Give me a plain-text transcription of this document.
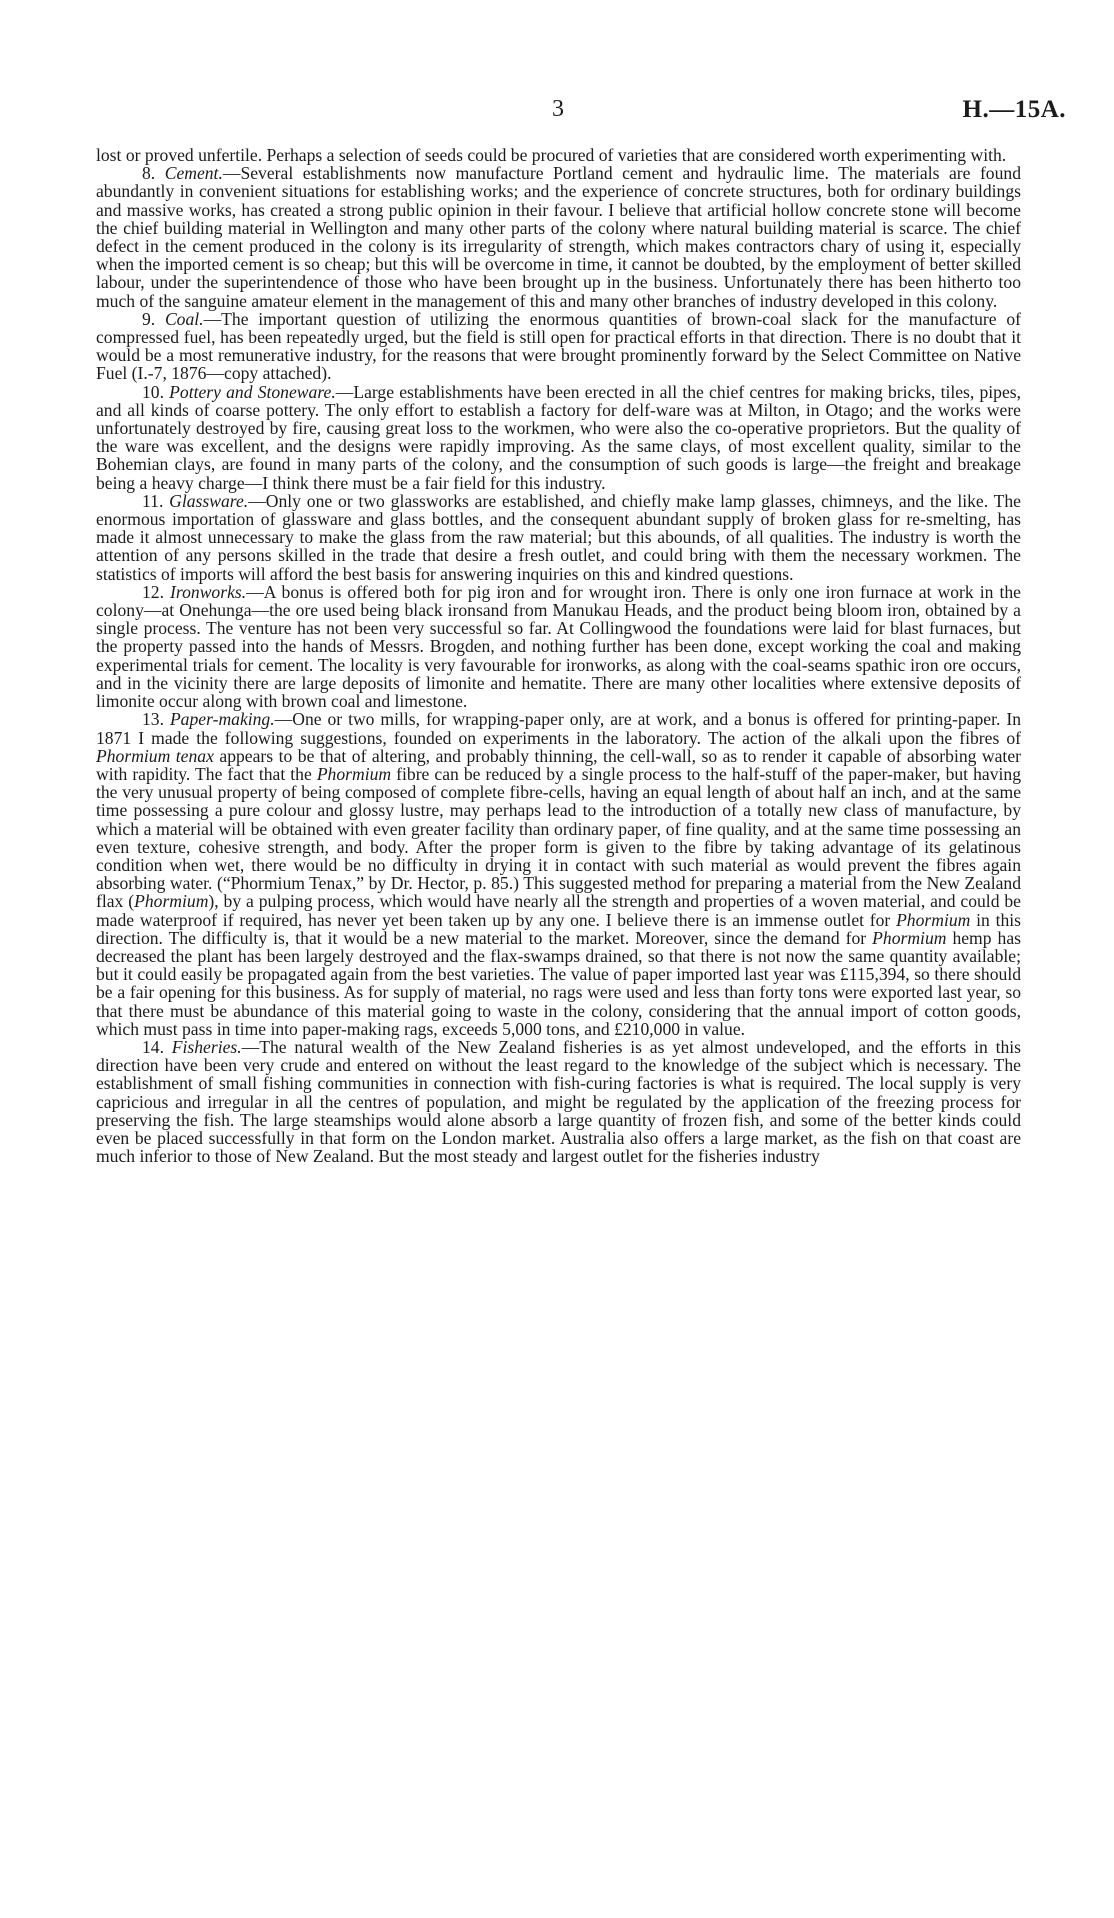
3	H.—15A.

lost or proved unfertile. Perhaps a selection of seeds could be procured of varieties that are considered worth experimenting with.

8. Cement.—Several establishments now manufacture Portland cement and hydraulic lime. The materials are found abundantly in convenient situations for establishing works; and the experience of concrete structures, both for ordinary buildings and massive works, has created a strong public opinion in their favour. I believe that artificial hollow concrete stone will become the chief building material in Wellington and many other parts of the colony where natural building material is scarce. The chief defect in the cement produced in the colony is its irregularity of strength, which makes contractors chary of using it, especially when the imported cement is so cheap; but this will be overcome in time, it cannot be doubted, by the employment of better skilled labour, under the superintendence of those who have been brought up in the business. Unfortunately there has been hitherto too much of the sanguine amateur element in the management of this and many other branches of industry developed in this colony.

9. Coal.—The important question of utilizing the enormous quantities of brown-coal slack for the manufacture of compressed fuel, has been repeatedly urged, but the field is still open for practical efforts in that direction. There is no doubt that it would be a most remunerative industry, for the reasons that were brought prominently forward by the Select Committee on Native Fuel (I.-7, 1876—copy attached).

10. Pottery and Stoneware.—Large establishments have been erected in all the chief centres for making bricks, tiles, pipes, and all kinds of coarse pottery. The only effort to establish a factory for delf-ware was at Milton, in Otago; and the works were unfortunately destroyed by fire, causing great loss to the workmen, who were also the co-operative proprietors. But the quality of the ware was excellent, and the designs were rapidly improving. As the same clays, of most excellent quality, similar to the Bohemian clays, are found in many parts of the colony, and the consumption of such goods is large—the freight and breakage being a heavy charge—I think there must be a fair field for this industry.

11. Glassware.—Only one or two glassworks are established, and chiefly make lamp glasses, chimneys, and the like. The enormous importation of glassware and glass bottles, and the consequent abundant supply of broken glass for re-smelting, has made it almost unnecessary to make the glass from the raw material; but this abounds, of all qualities. The industry is worth the attention of any persons skilled in the trade that desire a fresh outlet, and could bring with them the necessary workmen. The statistics of imports will afford the best basis for answering inquiries on this and kindred questions.

12. Ironworks.—A bonus is offered both for pig iron and for wrought iron. There is only one iron furnace at work in the colony—at Onehunga—the ore used being black ironsand from Manukau Heads, and the product being bloom iron, obtained by a single process. The venture has not been very successful so far. At Collingwood the foundations were laid for blast furnaces, but the property passed into the hands of Messrs. Brogden, and nothing further has been done, except working the coal and making experimental trials for cement. The locality is very favourable for ironworks, as along with the coal-seams spathic iron ore occurs, and in the vicinity there are large deposits of limonite and hematite. There are many other localities where extensive deposits of limonite occur along with brown coal and limestone.

13. Paper-making.—One or two mills, for wrapping-paper only, are at work, and a bonus is offered for printing-paper. In 1871 I made the following suggestions, founded on experiments in the laboratory. The action of the alkali upon the fibres of Phormium tenax appears to be that of altering, and probably thinning, the cell-wall, so as to render it capable of absorbing water with rapidity. The fact that the Phormium fibre can be reduced by a single process to the half-stuff of the paper-maker, but having the very unusual property of being composed of complete fibre-cells, having an equal length of about half an inch, and at the same time possessing a pure colour and glossy lustre, may perhaps lead to the introduction of a totally new class of manufacture, by which a material will be obtained with even greater facility than ordinary paper, of fine quality, and at the same time possessing an even texture, cohesive strength, and body. After the proper form is given to the fibre by taking advantage of its gelatinous condition when wet, there would be no difficulty in drying it in contact with such material as would prevent the fibres again absorbing water. (“Phormium Tenax,” by Dr. Hector, p. 85.) This suggested method for preparing a material from the New Zealand flax (Phormium), by a pulping process, which would have nearly all the strength and properties of a woven material, and could be made waterproof if required, has never yet been taken up by any one. I believe there is an immense outlet for Phormium in this direction. The difficulty is, that it would be a new material to the market. Moreover, since the demand for Phormium hemp has decreased the plant has been largely destroyed and the flax-swamps drained, so that there is not now the same quantity available; but it could easily be propagated again from the best varieties. The value of paper imported last year was £115,394, so there should be a fair opening for this business. As for supply of material, no rags were used and less than forty tons were exported last year, so that there must be abundance of this material going to waste in the colony, considering that the annual import of cotton goods, which must pass in time into paper-making rags, exceeds 5,000 tons, and £210,000 in value.

14. Fisheries.—The natural wealth of the New Zealand fisheries is as yet almost undeveloped, and the efforts in this direction have been very crude and entered on without the least regard to the knowledge of the subject which is necessary. The establishment of small fishing communities in connection with fish-curing factories is what is required. The local supply is very capricious and irregular in all the centres of population, and might be regulated by the application of the freezing process for preserving the fish. The large steamships would alone absorb a large quantity of frozen fish, and some of the better kinds could even be placed successfully in that form on the London market. Australia also offers a large market, as the fish on that coast are much inferior to those of New Zealand. But the most steady and largest outlet for the fisheries industry
